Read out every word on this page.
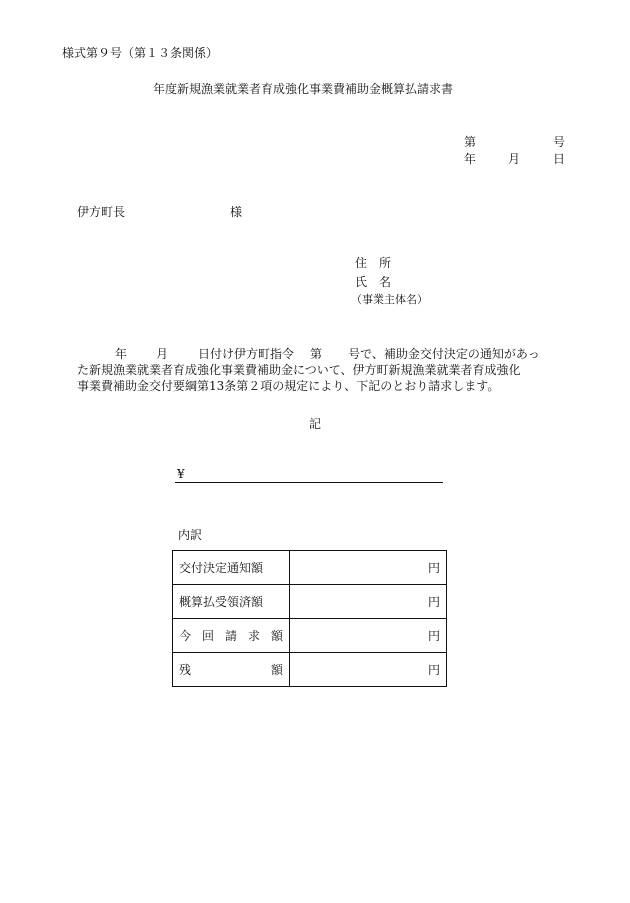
様式第９号（第１３条関係）
年度新規漁業就業者育成強化事業費補助金概算払請求書
第	号
年	月	日
伊方町長	様
住　所
氏　名
（事業主体名）
年 月	日付け伊方町指令 第 号で、補助金交付決定の通知があっ
た新規漁業就業者育成強化事業費補助金について、伊方町新規漁業就業者育成強化
事業費補助金交付要綱第13条第２項の規定により、下記のとおり請求します。
記
¥
内訳
交付決定通知額	円

概算払受領済額	円

今 回 請 求 額	円

残 額	円
